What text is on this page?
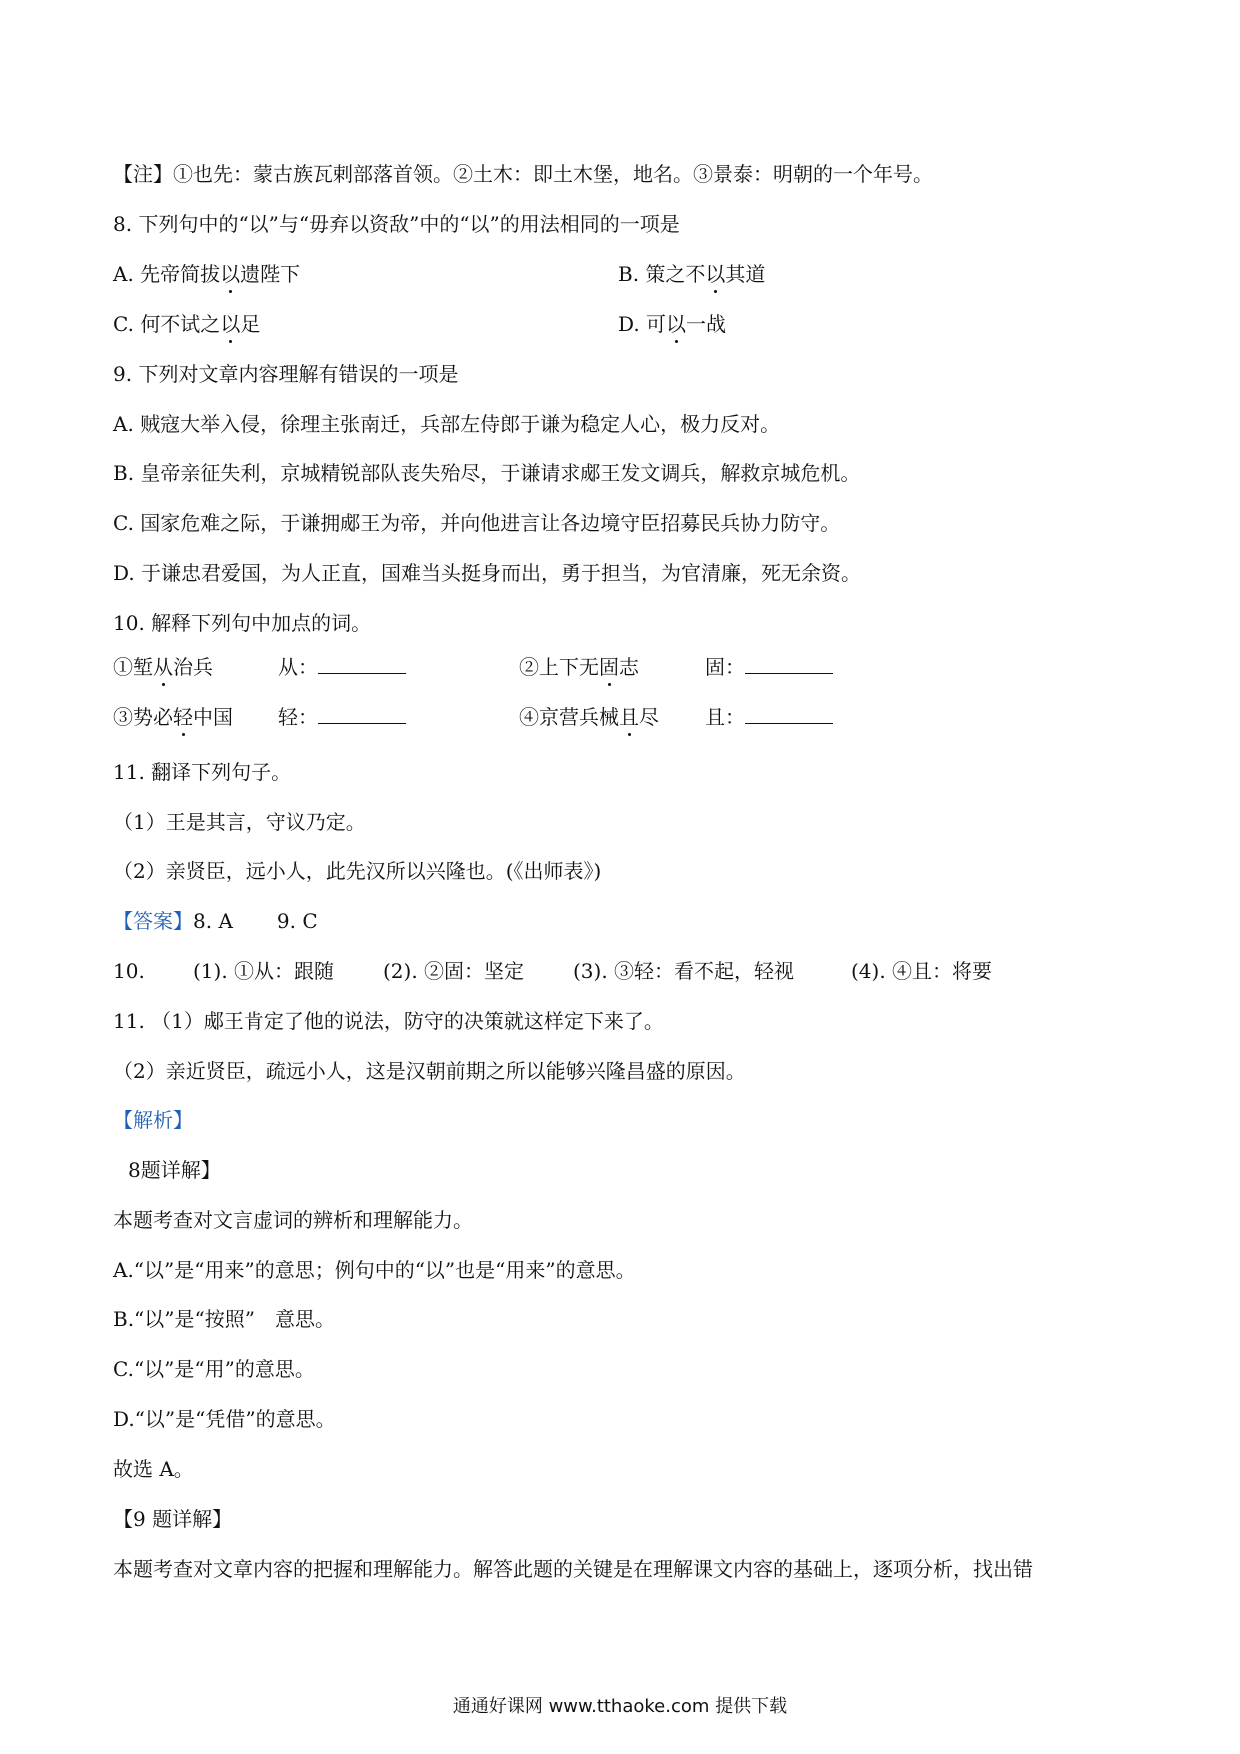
【注】①也先：蒙古族瓦剌部落首领。②土木：即土木堡，地名。③景泰：明朝的一个年号。
8. 下列句中的“以”与“毋弃以资敌”中的“以”的用法相同的一项是
A. 先帝简拔以遗陛下	B. 策之不以其道
C. 何不试之以足	D. 可以一战
9. 下列对文章内容理解有错误的一项是
A. 贼寇大举入侵，徐理主张南迁，兵部左侍郎于谦为稳定人心，极力反对。
B. 皇帝亲征失利，京城精锐部队丧失殆尽，于谦请求郕王发文调兵，解救京城危机。
C. 国家危难之际，于谦拥郕王为帝，并向他进言让各边境守臣招募民兵协力防守。
D. 于谦忠君爱国，为人正直，国难当头挺身而出，勇于担当，为官清廉，死无余资。
10. 解释下列句中加点的词。
①堑从治兵	从：	②上下无固志	固：
③势必轻中国 轻：	④京营兵械且尽 且：
11. 翻译下列句子。
（1）王是其言，守议乃定。
（2）亲贤臣，远小人，此先汉所以兴隆也。(《出师表》)
【答案】8. A 9. C
10. (1). ①从：跟随 (2). ②固：坚定 (3). ③轻：看不起，轻视	(4). ④且：将要
11. （1）郕王肯定了他的说法，防守的决策就这样定下来了。
（2）亲近贤臣，疏远小人，这是汉朝前期之所以能够兴隆昌盛的原因。
【解析】
8题详解】
本题考查对文言虚词的辨析和理解能力。
A.“以”是“用来”的意思；例句中的“以”也是“用来”的意思。
B.“以”是“按照”　意思。
C.“以”是“用”的意思。
D.“以”是“凭借”的意思。
故选 A。
【9 题详解】
本题考查对文章内容的把握和理解能力。解答此题的关键是在理解课文内容的基础上，逐项分析，找出错
通通好课网 www.tthaoke.com 提供下载
